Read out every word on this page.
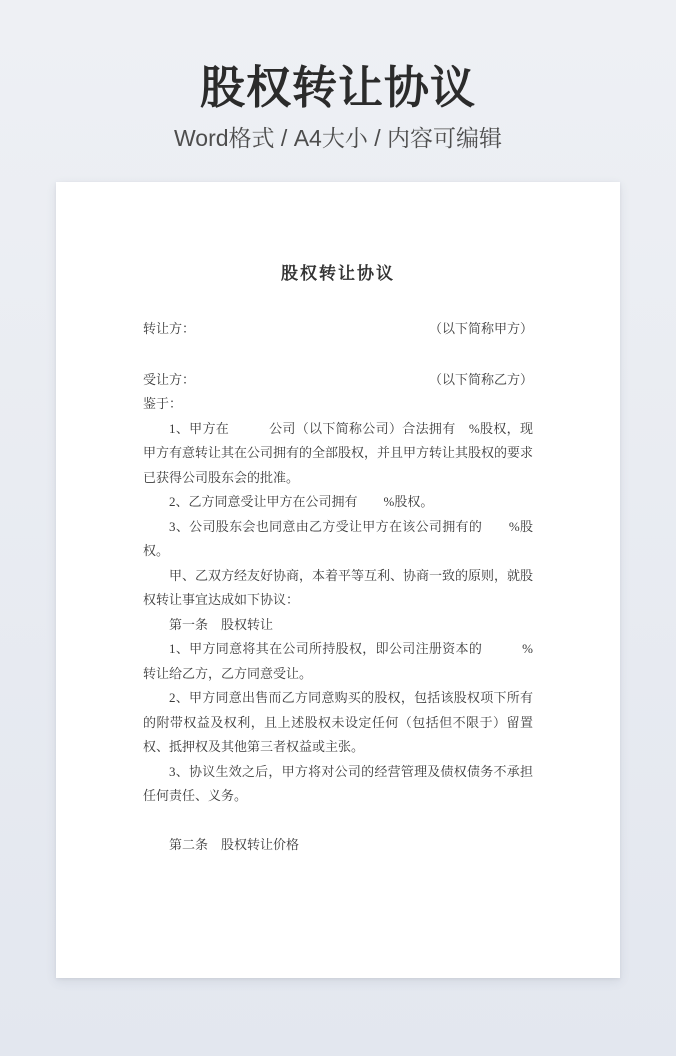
股权转让协议
Word格式 / A4大小 / 内容可编辑
股权转让协议
转让方：	（以下简称甲方）
受让方：	（以下简称乙方）

鉴于：

1、甲方在　　　公司（以下简称公司）合法拥有　%股权，现甲方有意转让其在公司拥有的全部股权，并且甲方转让其股权的要求已获得公司股东会的批准。

2、乙方同意受让甲方在公司拥有　　%股权。

3、公司股东会也同意由乙方受让甲方在该公司拥有的　　%股权。

甲、乙双方经友好协商，本着平等互利、协商一致的原则，就股权转让事宜达成如下协议：

第一条　股权转让

1、甲方同意将其在公司所持股权，即公司注册资本的　　　%转让给乙方，乙方同意受让。

2、甲方同意出售而乙方同意购买的股权，包括该股权项下所有的附带权益及权利，且上述股权未设定任何（包括但不限于）留置权、抵押权及其他第三者权益或主张。

3、协议生效之后，甲方将对公司的经营管理及债权债务不承担任何责任、义务。

第二条　股权转让价格
